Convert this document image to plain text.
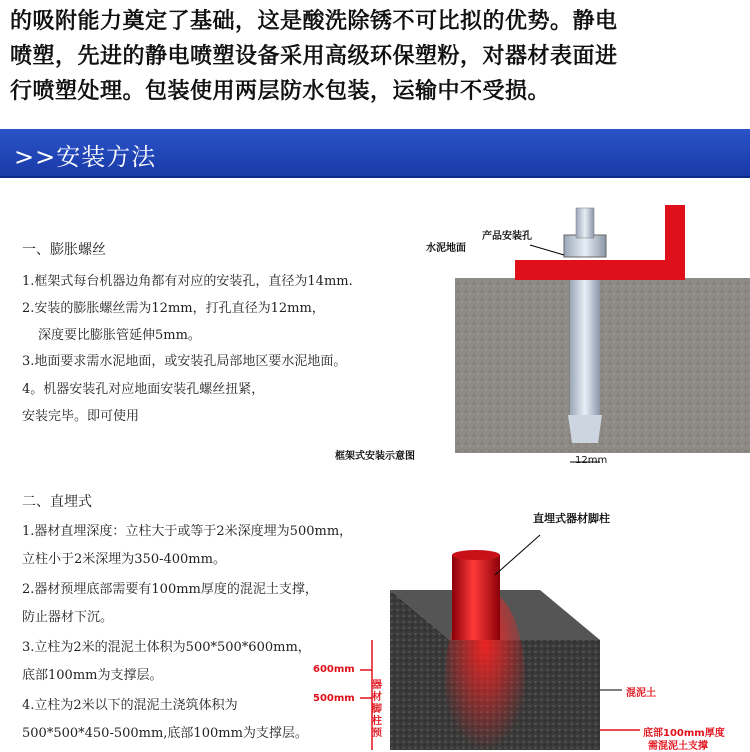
的吸附能力奠定了基础，这是酸洗除锈不可比拟的优势。静电
喷塑，先进的静电喷塑设备采用高级环保塑粉，对器材表面进
行喷塑处理。包装使用两层防水包装，运输中不受损。
>>安装方法
一、膨胀螺丝
1.框架式每台机器边角都有对应的安装孔，直径为14mm.
2.安装的膨胀螺丝需为12mm，打孔直径为12mm，
深度要比膨胀管延伸5mm。
3.地面要求需水泥地面，或安装孔局部地区要水泥地面。
4。机器安装孔对应地面安装孔螺丝扭紧，
安装完毕。即可使用
产品安装孔
水泥地面
12mm
框架式安装示意图
二、直埋式
1.器材直埋深度：立柱大于或等于2米深度埋为500mm，
立柱小于2米深埋为350-400mm。
2.器材预埋底部需要有100mm厚度的混泥土支撑，
防止器材下沉。
3.立柱为2米的混泥土体积为500*500*600mm，
底部100mm为支撑层。
4.立柱为2米以下的混泥土浇筑体积为
500*500*450-500mm,底部100mm为支撑层。
直埋式器材脚柱
600mm
500mm
器材脚柱预
混泥土
底部100mm厚度
需混泥土支撑
